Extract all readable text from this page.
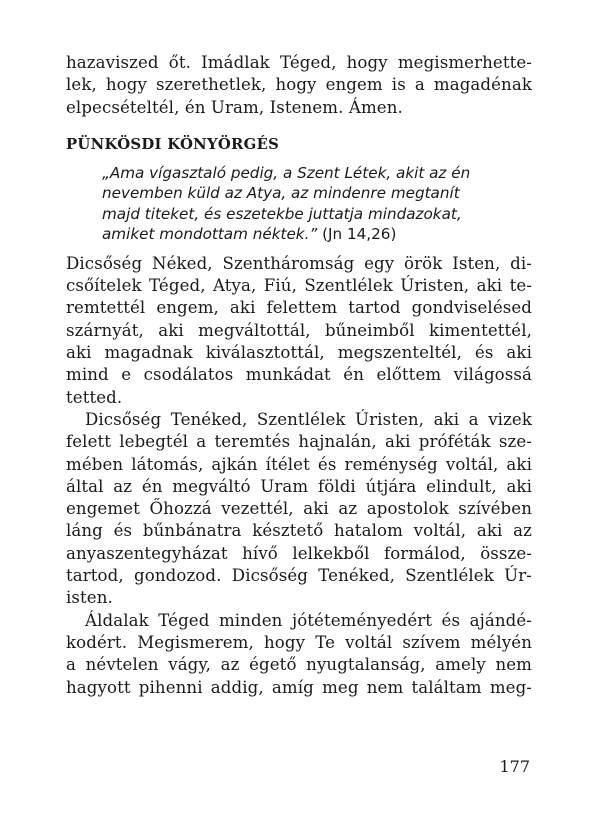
hazaviszed őt. Imádlak Téged, hogy megismerhette-
lek, hogy szerethetlek, hogy engem is a magadénak
elpecsételtél, én Uram, Istenem. Ámen.
PÜNKÖSDI KÖNYÖRGÉS
„Ama vígasztaló pedig, a Szent Létek, akit az én
nevemben küld az Atya, az mindenre megtanít
majd titeket, és eszetekbe juttatja mindazokat,
amiket mondottam néktek.” (Jn 14,26)
Dicsőség Néked, Szentháromság egy örök Isten, di-
csőítelek Téged, Atya, Fiú, Szentlélek Úristen, aki te-
remtettél engem, aki felettem tartod gondviselésed
szárnyát, aki megváltottál, bűneimből kimentettél,
aki magadnak kiválasztottál, megszenteltél, és aki
mind e csodálatos munkádat én előttem világossá
tetted.
Dicsőség Tenéked, Szentlélek Úristen, aki a vizek
felett lebegtél a teremtés hajnalán, aki próféták sze-
mében látomás, ajkán ítélet és reménység voltál, aki
által az én megváltó Uram földi útjára elindult, aki
engemet Őhozzá vezettél, aki az apostolok szívében
láng és bűnbánatra késztető hatalom voltál, aki az
anyaszentegyházat hívő lelkekből formálod, össze-
tartod, gondozod. Dicsőség Tenéked, Szentlélek Úr-
isten.
Áldalak Téged minden jótéteményedért és ajándé-
kodért. Megismerem, hogy Te voltál szívem mélyén
a névtelen vágy, az égető nyugtalanság, amely nem
hagyott pihenni addig, amíg meg nem találtam meg-
177
